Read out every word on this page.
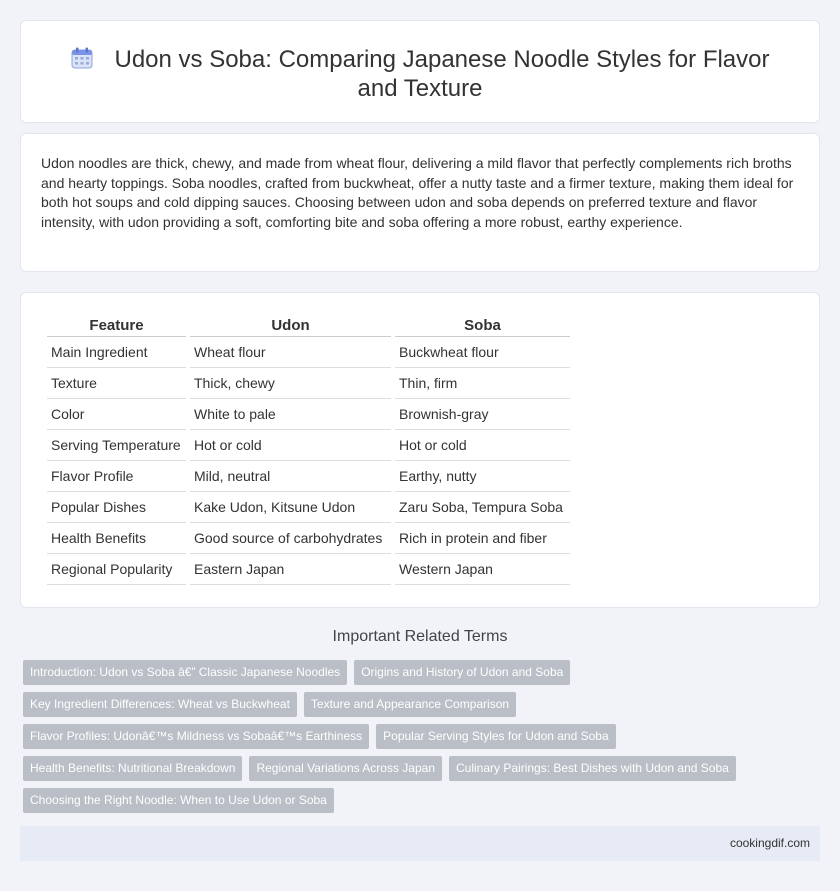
Udon vs Soba: Comparing Japanese Noodle Styles for Flavor and Texture

Udon noodles are thick, chewy, and made from wheat flour, delivering a mild flavor that perfectly complements rich broths and hearty toppings. Soba noodles, crafted from buckwheat, offer a nutty taste and a firmer texture, making them ideal for both hot soups and cold dipping sauces. Choosing between udon and soba depends on preferred texture and flavor intensity, with udon providing a soft, comforting bite and soba offering a more robust, earthy experience.

Feature	Udon	Soba
Main Ingredient	Wheat flour	Buckwheat flour
Texture	Thick, chewy	Thin, firm
Color	White to pale	Brownish-gray
Serving Temperature	Hot or cold	Hot or cold
Flavor Profile	Mild, neutral	Earthy, nutty
Popular Dishes	Kake Udon, Kitsune Udon	Zaru Soba, Tempura Soba
Health Benefits	Good source of carbohydrates	Rich in protein and fiber
Regional Popularity	Eastern Japan	Western Japan
Important Related Terms
Introduction: Udon vs Soba â€” Classic Japanese Noodles	Origins and History of Udon and Soba
Key Ingredient Differences: Wheat vs Buckwheat	Texture and Appearance Comparison
Flavor Profiles: Udonâ€™s Mildness vs Sobaâ€™s Earthiness	Popular Serving Styles for Udon and Soba
Health Benefits: Nutritional Breakdown	Regional Variations Across Japan	Culinary Pairings: Best Dishes with Udon and Soba
Choosing the Right Noodle: When to Use Udon or Soba
cookingdif.com
